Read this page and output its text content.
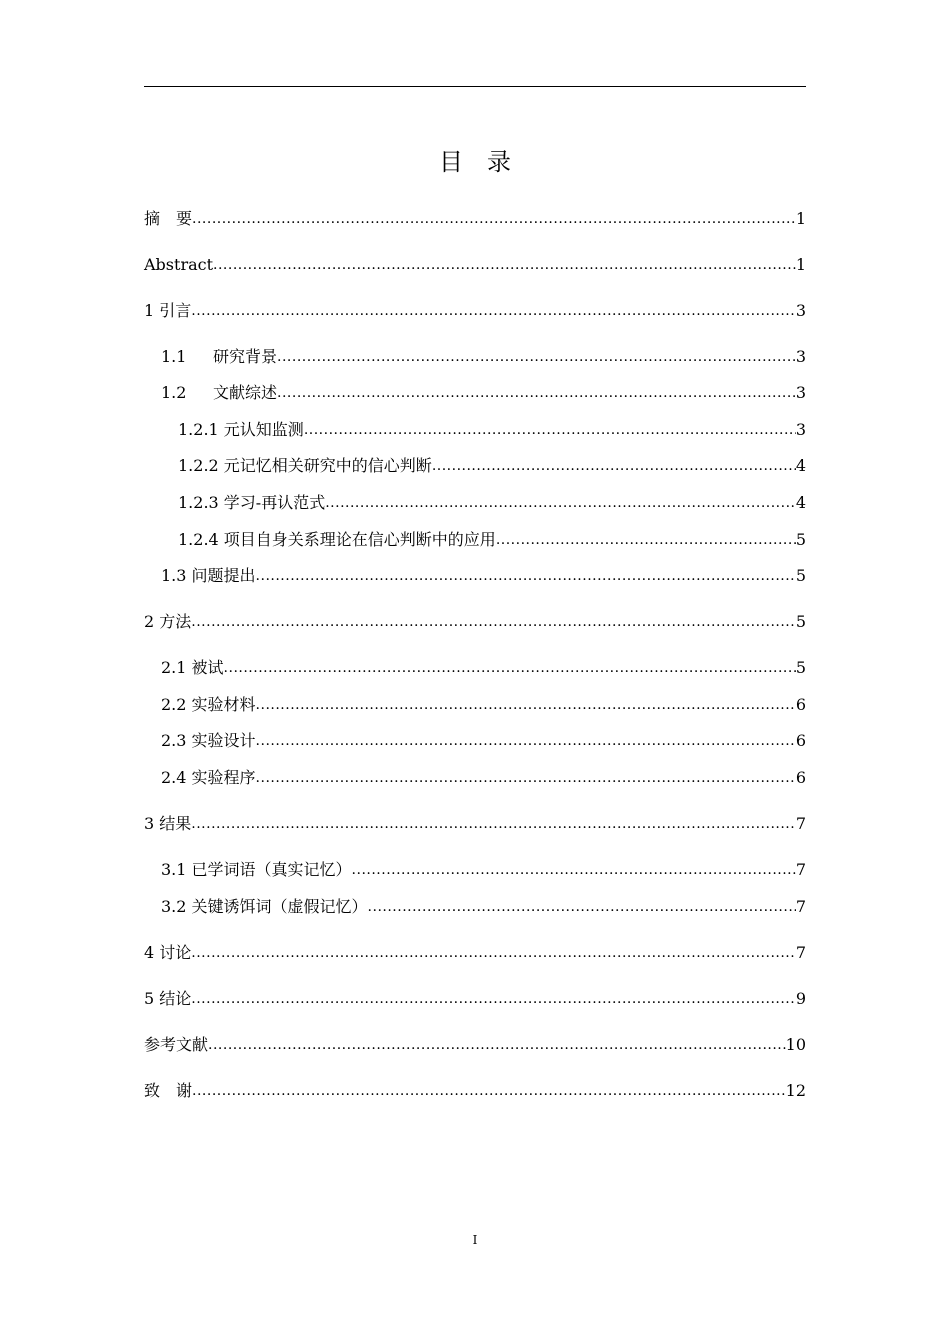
目　录
摘　要 .....	1
Abstract .....	1
1 引言 .....	3
1.1	研究背景 .....	3
1.2	文献综述 .....	3
1.2.1 元认知监测 .....	3
1.2.2 元记忆相关研究中的信心判断 .....	4
1.2.3 学习-再认范式 .....	4
1.2.4 项目自身关系理论在信心判断中的应用 .....	5
1.3 问题提出 .....	5
2 方法 .....	5
2.1 被试 .....	5
2.2 实验材料 .....	6
2.3 实验设计 .....	6
2.4 实验程序 .....	6
3 结果 .....	7
3.1 已学词语（真实记忆） .....	7
3.2 关键诱饵词（虚假记忆） .....	7
4 讨论 .....	7
5 结论 .....	9
参考文献 .....	10
致　谢 .....	12
I
